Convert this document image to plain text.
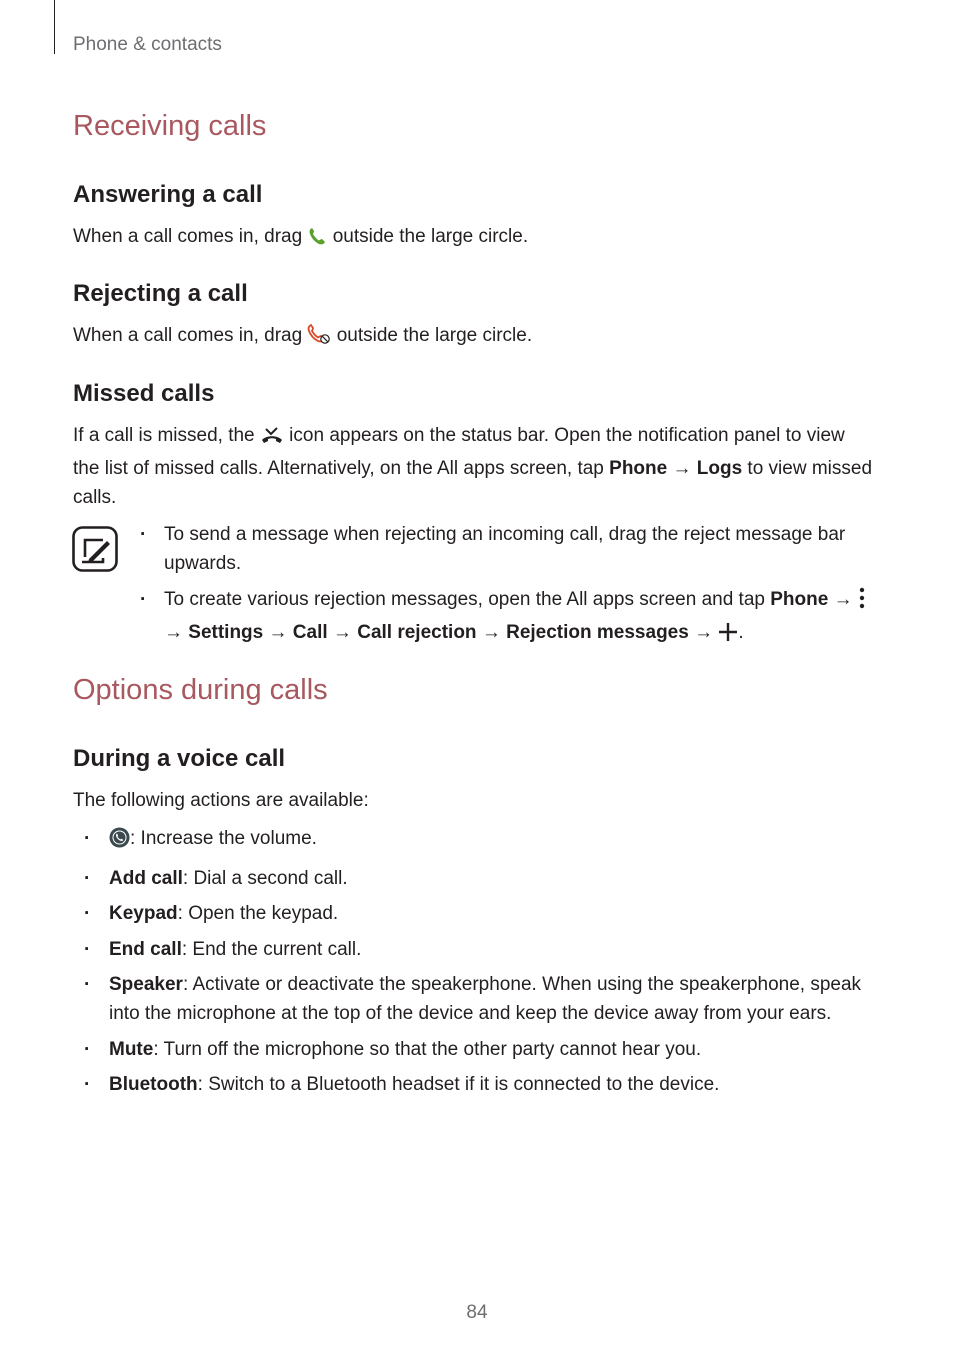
Phone & contacts
Receiving calls
Answering a call

When a call comes in, drag  outside the large circle.

Rejecting a call

When a call comes in, drag  outside the large circle.

Missed calls

If a call is missed, the  icon appears on the status bar. Open the notification panel to view the list of missed calls. Alternatively, on the All apps screen, tap Phone → Logs to view missed calls.

· To send a message when rejecting an incoming call, drag the reject message bar upwards.
· To create various rejection messages, open the All apps screen and tap Phone →
→ Settings → Call → Call rejection → Rejection messages → .
Options during calls
During a voice call

The following actions are available:

· : Increase the volume.
· Add call: Dial a second call.
· Keypad: Open the keypad.
· End call: End the current call.
· Speaker: Activate or deactivate the speakerphone. When using the speakerphone, speak into the microphone at the top of the device and keep the device away from your ears.
· Mute: Turn off the microphone so that the other party cannot hear you.
· Bluetooth: Switch to a Bluetooth headset if it is connected to the device.
84
